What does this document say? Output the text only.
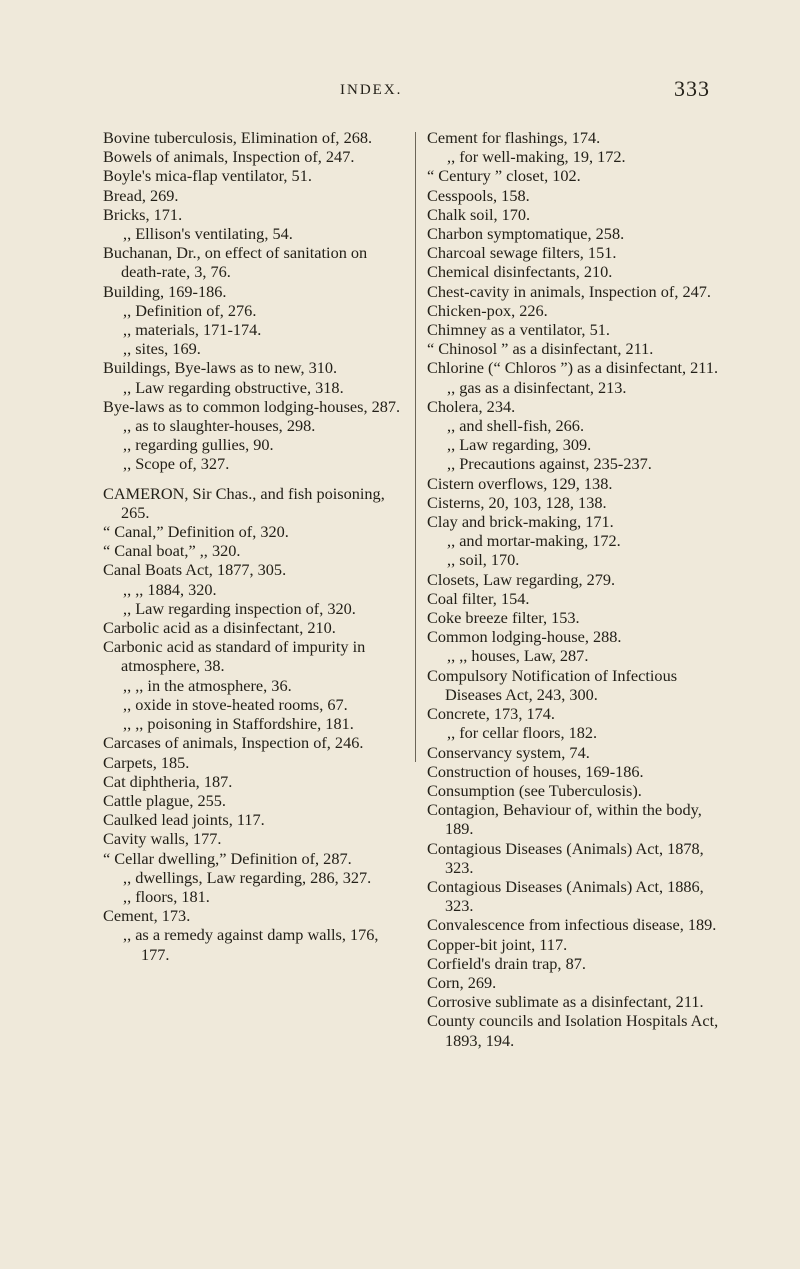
INDEX.	333

Bovine tuberculosis, Elimination of, 268.

Bowels of animals, Inspection of, 247.

Boyle's mica-flap ventilator, 51.

Bread, 269.

Bricks, 171.

,, Ellison's ventilating, 54.

Buchanan, Dr., on effect of sanitation on death-rate, 3, 76.

Building, 169-186.

,, Definition of, 276.

,, materials, 171-174.

,, sites, 169.

Buildings, Bye-laws as to new, 310.

,, Law regarding obstructive, 318.

Bye-laws as to common lodging-houses, 287.

,, as to slaughter-houses, 298.

,, regarding gullies, 90.

,, Scope of, 327.

CAMERON, Sir Chas., and fish poisoning, 265.

“ Canal,” Definition of, 320.

“ Canal boat,” ,, 320.

Canal Boats Act, 1877, 305.

,, ,, 1884, 320.

,, Law regarding inspection of, 320.

Carbolic acid as a disinfectant, 210.

Carbonic acid as standard of impurity in atmosphere, 38.

,, ,, in the atmosphere, 36.

,, oxide in stove-heated rooms, 67.

,, ,, poisoning in Staffordshire, 181.

Carcases of animals, Inspection of, 246.

Carpets, 185.

Cat diphtheria, 187.

Cattle plague, 255.

Caulked lead joints, 117.

Cavity walls, 177.

“ Cellar dwelling,” Definition of, 287.

,, dwellings, Law regarding, 286, 327.

,, floors, 181.

Cement, 173.

,, as a remedy against damp walls, 176, 177.

Cement for flashings, 174.

,, for well-making, 19, 172.

“ Century ” closet, 102.

Cesspools, 158.

Chalk soil, 170.

Charbon symptomatique, 258.

Charcoal sewage filters, 151.

Chemical disinfectants, 210.

Chest-cavity in animals, Inspection of, 247.

Chicken-pox, 226.

Chimney as a ventilator, 51.

“ Chinosol ” as a disinfectant, 211.

Chlorine (“ Chloros ”) as a disinfectant, 211.

,, gas as a disinfectant, 213.

Cholera, 234.

,, and shell-fish, 266.

,, Law regarding, 309.

,, Precautions against, 235-237.

Cistern overflows, 129, 138.

Cisterns, 20, 103, 128, 138.

Clay and brick-making, 171.

,, and mortar-making, 172.

,, soil, 170.

Closets, Law regarding, 279.

Coal filter, 154.

Coke breeze filter, 153.

Common lodging-house, 288.

,, ,, houses, Law, 287.

Compulsory Notification of Infectious Diseases Act, 243, 300.

Concrete, 173, 174.

,, for cellar floors, 182.

Conservancy system, 74.

Construction of houses, 169-186.

Consumption (see Tuberculosis).

Contagion, Behaviour of, within the body, 189.

Contagious Diseases (Animals) Act, 1878, 323.

Contagious Diseases (Animals) Act, 1886, 323.

Convalescence from infectious disease, 189.

Copper-bit joint, 117.

Corfield's drain trap, 87.

Corn, 269.

Corrosive sublimate as a disinfectant, 211.

County councils and Isolation Hospitals Act, 1893, 194.
